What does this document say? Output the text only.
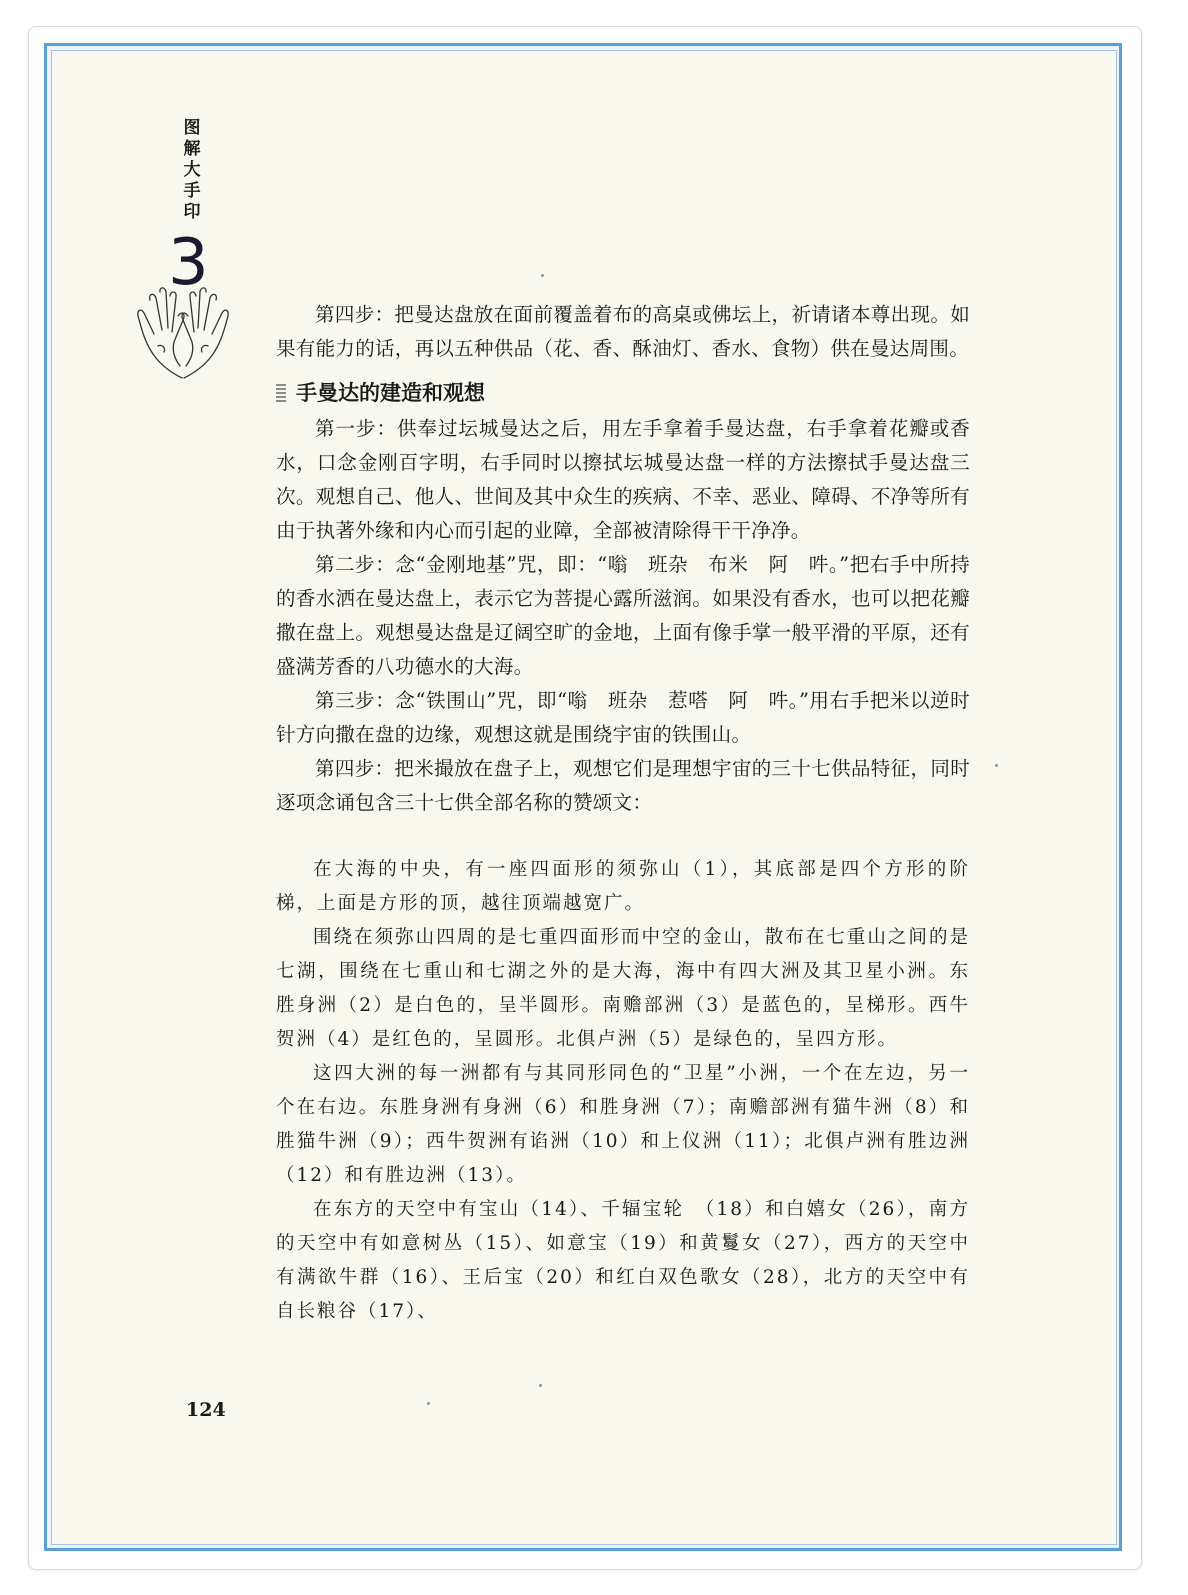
图解大手印
3

第四步：把曼达盘放在面前覆盖着布的高桌或佛坛上，祈请诸本尊出现。如果有能力的话，再以五种供品（花、香、酥油灯、香水、食物）供在曼达周围。

手曼达的建造和观想

第一步：供奉过坛城曼达之后，用左手拿着手曼达盘，右手拿着花瓣或香水，口念金刚百字明，右手同时以擦拭坛城曼达盘一样的方法擦拭手曼达盘三次。观想自己、他人、世间及其中众生的疾病、不幸、恶业、障碍、不净等所有由于执著外缘和内心而引起的业障，全部被清除得干干净净。

第二步：念“金刚地基”咒，即：“嗡　班杂　布米　阿　吽。”把右手中所持的香水洒在曼达盘上，表示它为菩提心露所滋润。如果没有香水，也可以把花瓣撒在盘上。观想曼达盘是辽阔空旷的金地，上面有像手掌一般平滑的平原，还有盛满芳香的八功德水的大海。

第三步：念“铁围山”咒，即“嗡　班杂　惹嗒　阿　吽。”用右手把米以逆时针方向撒在盘的边缘，观想这就是围绕宇宙的铁围山。

第四步：把米撮放在盘子上，观想它们是理想宇宙的三十七供品特征，同时逐项念诵包含三十七供全部名称的赞颂文：

在大海的中央，有一座四面形的须弥山（1），其底部是四个方形的阶梯，上面是方形的顶，越往顶端越宽广。

围绕在须弥山四周的是七重四面形而中空的金山，散布在七重山之间的是七湖，围绕在七重山和七湖之外的是大海，海中有四大洲及其卫星小洲。东胜身洲（2）是白色的，呈半圆形。南赡部洲（3）是蓝色的，呈梯形。西牛贺洲（4）是红色的，呈圆形。北俱卢洲（5）是绿色的，呈四方形。

这四大洲的每一洲都有与其同形同色的“卫星”小洲，一个在左边，另一个在右边。东胜身洲有身洲（6）和胜身洲（7）；南赡部洲有猫牛洲（8）和胜猫牛洲（9）；西牛贺洲有谄洲（10）和上仪洲（11）；北俱卢洲有胜边洲（12）和有胜边洲（13）。

在东方的天空中有宝山（14）、千辐宝轮　（18）和白嬉女（26），南方的天空中有如意树丛（15）、如意宝（19）和黄鬘女（27），西方的天空中有满欲牛群（16）、王后宝（20）和红白双色歌女（28），北方的天空中有自长粮谷（17）、

124
